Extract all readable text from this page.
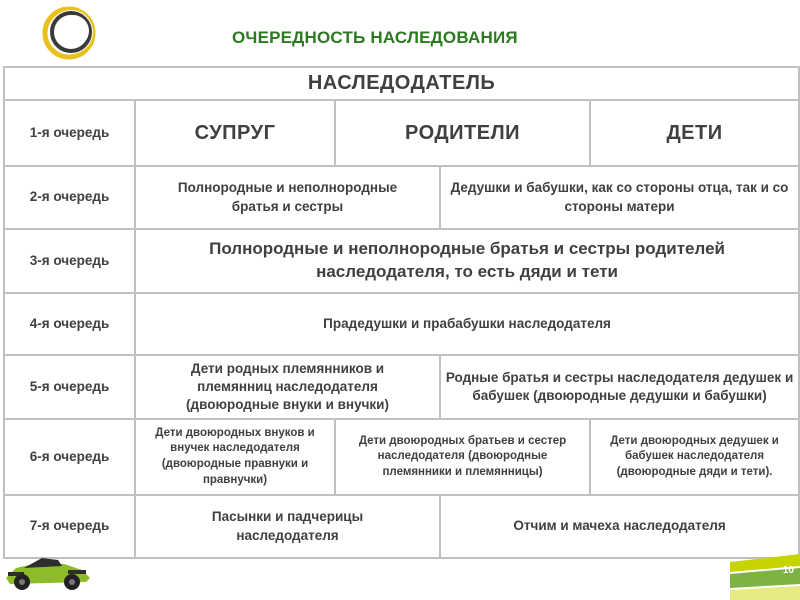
ОЧЕРЕДНОСТЬ НАСЛЕДОВАНИЯ
НАСЛЕДОДАТЕЛЬ				
1-я очередь	СУПРУГ	РОДИТЕЛИ		ДЕТИ
2-я очередь	Полнородные и неполнородные братья и сестры		Дедушки и бабушки, как со стороны отца, так и со стороны матери	
3-я очередь	Полнородные и неполнородные братья и сестры родителей наследодателя, то есть дяди и тети			
4-я очередь	Прадедушки и прабабушки наследодателя			
5-я очередь	Дети родных племянников и племянниц наследодателя (двоюродные внуки и внучки)		Родные братья и сестры наследодателя дедушек и бабушек (двоюродные дедушки и бабушки)	
6-я очередь	Дети двоюродных внуков и внучек наследодателя (двоюродные правнуки и правнучки)	Дети двоюродных братьев и сестер наследодателя (двоюродные племянники и племянницы)		Дети двоюродных дедушек и бабушек наследодателя (двоюродные дяди и тети).
7-я очередь	Пасынки и падчерицы наследодателя		Отчим и мачеха наследодателя	
10
